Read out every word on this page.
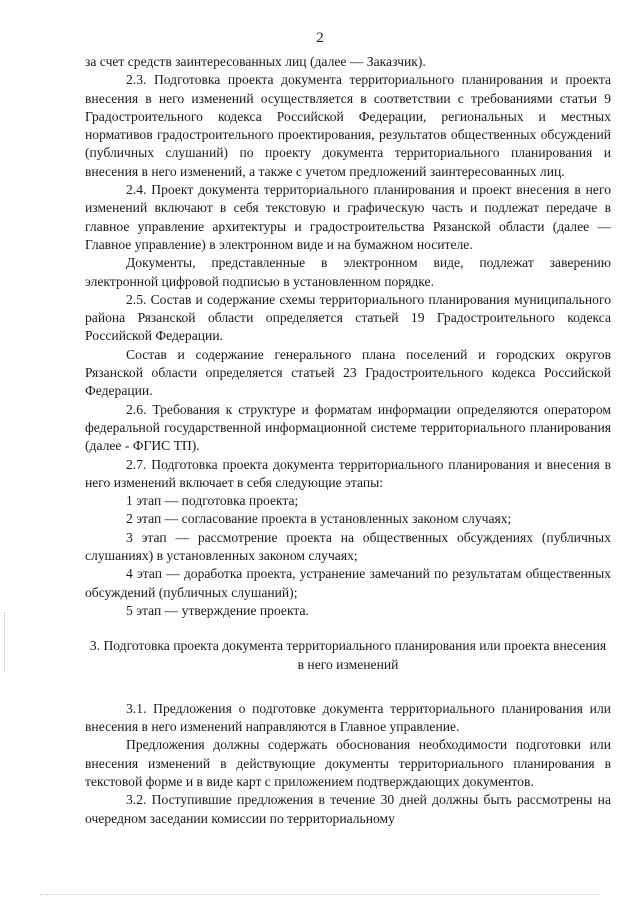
2

за счет средств заинтересованных лиц (далее — Заказчик).

2.3. Подготовка проекта документа территориального планирования и проекта внесения в него изменений осуществляется в соответствии с требованиями статьи 9 Градостроительного кодекса Российской Федерации, региональных и местных нормативов градостроительного проектирования, результатов общественных обсуждений (публичных слушаний) по проекту документа территориального планирования и внесения в него изменений, а также с учетом предложений заинтересованных лиц.

2.4. Проект документа территориального планирования и проект внесения в него изменений включают в себя текстовую и графическую часть и подлежат передаче в главное управление архитектуры и градостроительства Рязанской области (далее — Главное управление) в электронном виде и на бумажном носителе.

Документы, представленные в электронном виде, подлежат заверению электронной цифровой подписью в установленном порядке.

2.5. Состав и содержание схемы территориального планирования муниципального района Рязанской области определяется статьей 19 Градостроительного кодекса Российской Федерации.

Состав и содержание генерального плана поселений и городских округов Рязанской области определяется статьей 23 Градостроительного кодекса Российской Федерации.

2.6. Требования к структуре и форматам информации определяются оператором федеральной государственной информационной системе территориального планирования (далее - ФГИС ТП).

2.7. Подготовка проекта документа территориального планирования и внесения в него изменений включает в себя следующие этапы:

1 этап — подготовка проекта;

2 этап — согласование проекта в установленных законом случаях;

3 этап — рассмотрение проекта на общественных обсуждениях (публичных слушаниях) в установленных законом случаях;

4 этап — доработка проекта, устранение замечаний по результатам общественных обсуждений (публичных слушаний);

5 этап — утверждение проекта.

3. Подготовка проекта документа территориального планирования или проекта внесения в него изменений

3.1. Предложения о подготовке документа территориального планирования или внесения в него изменений направляются в Главное управление.

Предложения должны содержать обоснования необходимости подготовки или внесения изменений в действующие документы территориального планирования в текстовой форме и в виде карт с приложением подтверждающих документов.

3.2. Поступившие предложения в течение 30 дней должны быть рассмотрены на очередном заседании комиссии по территориальному
